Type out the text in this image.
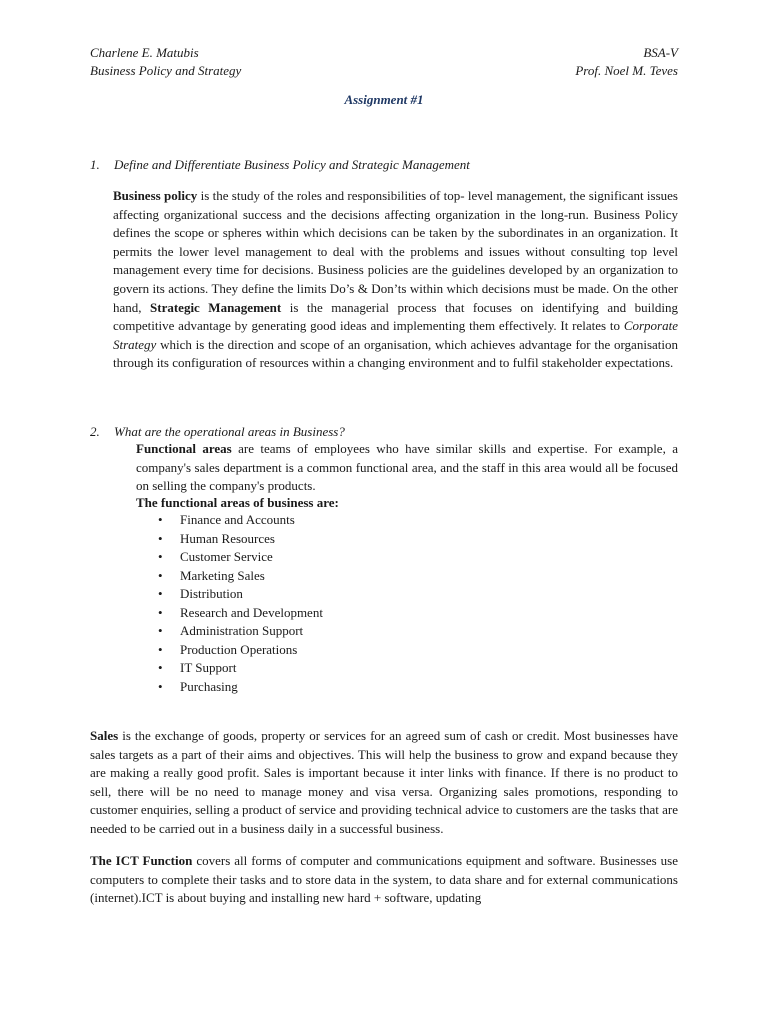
Charlene E. Matubis
Business Policy and Strategy
BSA-V
Prof. Noel M. Teves
Assignment #1
1. Define and Differentiate Business Policy and Strategic Management

Business policy is the study of the roles and responsibilities of top- level management, the significant issues affecting organizational success and the decisions affecting organization in the long-run. Business Policy defines the scope or spheres within which decisions can be taken by the subordinates in an organization. It permits the lower level management to deal with the problems and issues without consulting top level management every time for decisions. Business policies are the guidelines developed by an organization to govern its actions. They define the limits Do’s & Don’ts within which decisions must be made. On the other hand, Strategic Management is the managerial process that focuses on identifying and building competitive advantage by generating good ideas and implementing them effectively. It relates to Corporate Strategy which is the direction and scope of an organisation, which achieves advantage for the organisation through its configuration of resources within a changing environment and to fulfil stakeholder expectations.

2. What are the operational areas in Business?

Functional areas are teams of employees who have similar skills and expertise. For example, a company's sales department is a common functional area, and the staff in this area would all be focused on selling the company's products.

The functional areas of business are:
• Finance and Accounts
• Human Resources
• Customer Service
• Marketing Sales
• Distribution
• Research and Development
• Administration Support
• Production Operations
• IT Support
• Purchasing

Sales is the exchange of goods, property or services for an agreed sum of cash or credit. Most businesses have sales targets as a part of their aims and objectives. This will help the business to grow and expand because they are making a really good profit. Sales is important because it inter links with finance. If there is no product to sell, there will be no need to manage money and visa versa. Organizing sales promotions, responding to customer enquiries, selling a product of service and providing technical advice to customers are the tasks that are needed to be carried out in a business daily in a successful business.

The ICT Function covers all forms of computer and communications equipment and software. Businesses use computers to complete their tasks and to store data in the system, to data share and for external communications (internet).ICT is about buying and installing new hard + software, updating
